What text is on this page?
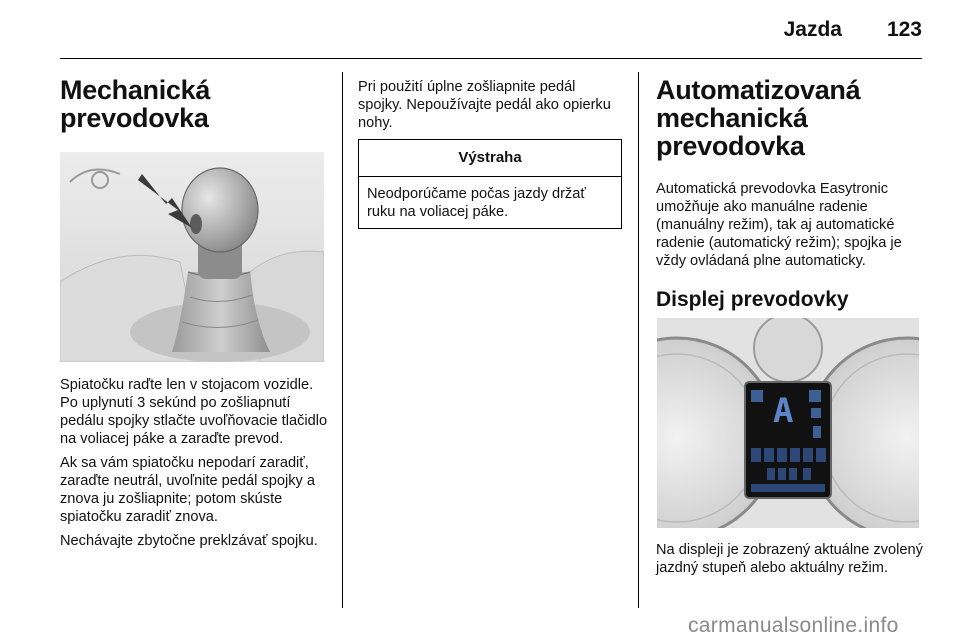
Jazda 123
Mechanická prevodovka

Spiatočku raďte len v stojacom vozidle. Po uplynutí 3 sekúnd po zošliapnutí pedálu spojky stlačte uvoľňovacie tlačidlo na voliacej páke a zaraďte prevod.

Ak sa vám spiatočku nepodarí zaradiť, zaraďte neutrál, uvoľnite pedál spojky a znova ju zošliapnite; potom skúste spiatočku zaradiť znova.

Nechávajte zbytočne preklzávať spojku.

Pri použití úplne zošliapnite pedál spojky. Nepoužívajte pedál ako opierku nohy.

Výstraha
Neodporúčame počas jazdy držať ruku na voliacej páke.
Automatizovaná mechanická prevodovka

Automatická prevodovka Easytronic umožňuje ako manuálne radenie (manuálny režim), tak aj automatické radenie (automatický režim); spojka je vždy ovládaná plne automaticky.

Displej prevodovky
A

Na displeji je zobrazený aktuálne zvolený jazdný stupeň alebo aktuálny režim.

carmanualsonline.info
